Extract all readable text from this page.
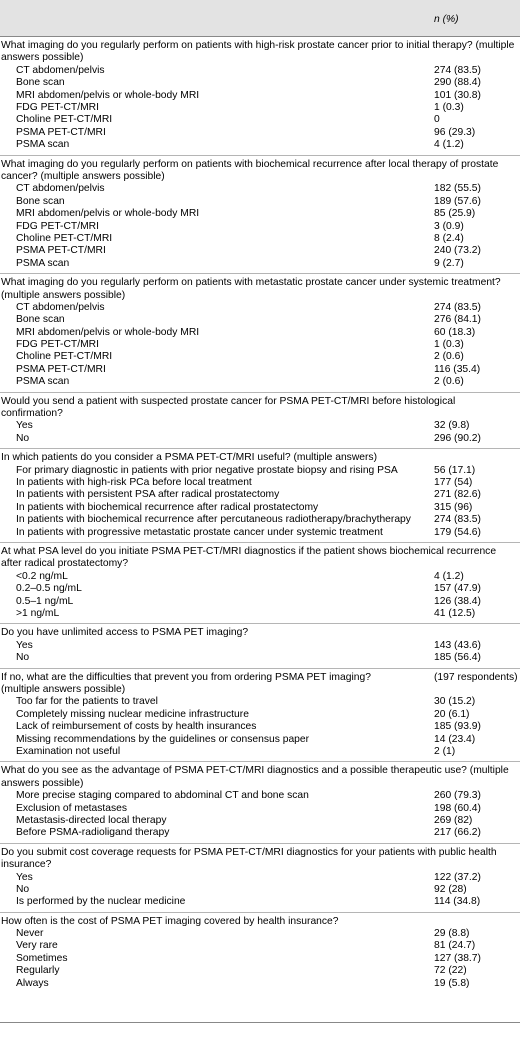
n (%)
What imaging do you regularly perform on patients with high-risk prostate cancer prior to initial therapy? (multiple answers possible)
CT abdomen/pelvis	274 (83.5)
Bone scan	290 (88.4)
MRI abdomen/pelvis or whole-body MRI	101 (30.8)
FDG PET-CT/MRI	1 (0.3)
Choline PET-CT/MRI	0
PSMA PET-CT/MRI	96 (29.3)
PSMA scan	4 (1.2)
What imaging do you regularly perform on patients with biochemical recurrence after local therapy of prostate cancer? (multiple answers possible)
CT abdomen/pelvis	182 (55.5)
Bone scan	189 (57.6)
MRI abdomen/pelvis or whole-body MRI	85 (25.9)
FDG PET-CT/MRI	3 (0.9)
Choline PET-CT/MRI	8 (2.4)
PSMA PET-CT/MRI	240 (73.2)
PSMA scan	9 (2.7)
What imaging do you regularly perform on patients with metastatic prostate cancer under systemic treatment? (multiple answers possible)
CT abdomen/pelvis	274 (83.5)
Bone scan	276 (84.1)
MRI abdomen/pelvis or whole-body MRI	60 (18.3)
FDG PET-CT/MRI	1 (0.3)
Choline PET-CT/MRI	2 (0.6)
PSMA PET-CT/MRI	116 (35.4)
PSMA scan	2 (0.6)
Would you send a patient with suspected prostate cancer for PSMA PET-CT/MRI before histological confirmation?
Yes	32 (9.8)
No	296 (90.2)
In which patients do you consider a PSMA PET-CT/MRI useful? (multiple answers)
For primary diagnostic in patients with prior negative prostate biopsy and rising PSA	56 (17.1)
In patients with high-risk PCa before local treatment	177 (54)
In patients with persistent PSA after radical prostatectomy	271 (82.6)
In patients with biochemical recurrence after radical prostatectomy	315 (96)
In patients with biochemical recurrence after percutaneous radiotherapy/brachytherapy	274 (83.5)
In patients with progressive metastatic prostate cancer under systemic treatment	179 (54.6)
At what PSA level do you initiate PSMA PET-CT/MRI diagnostics if the patient shows biochemical recurrence after radical prostatectomy?
<0.2 ng/mL	4 (1.2)
0.2–0.5 ng/mL	157 (47.9)
0.5–1 ng/mL	126 (38.4)
>1 ng/mL	41 (12.5)
Do you have unlimited access to PSMA PET imaging?
Yes	143 (43.6)
No	185 (56.4)
If no, what are the difficulties that prevent you from ordering PSMA PET imaging? (multiple answers possible)
(197 respondents)
Too far for the patients to travel	30 (15.2)
Completely missing nuclear medicine infrastructure	20 (6.1)
Lack of reimbursement of costs by health insurances	185 (93.9)
Missing recommendations by the guidelines or consensus paper	14 (23.4)
Examination not useful	2 (1)
What do you see as the advantage of PSMA PET-CT/MRI diagnostics and a possible therapeutic use? (multiple answers possible)
More precise staging compared to abdominal CT and bone scan	260 (79.3)
Exclusion of metastases	198 (60.4)
Metastasis-directed local therapy	269 (82)
Before PSMA-radioligand therapy	217 (66.2)
Do you submit cost coverage requests for PSMA PET-CT/MRI diagnostics for your patients with public health insurance?
Yes	122 (37.2)
No	92 (28)
Is performed by the nuclear medicine	114 (34.8)
How often is the cost of PSMA PET imaging covered by health insurance?
Never	29 (8.8)
Very rare	81 (24.7)
Sometimes	127 (38.7)
Regularly	72 (22)
Always	19 (5.8)
